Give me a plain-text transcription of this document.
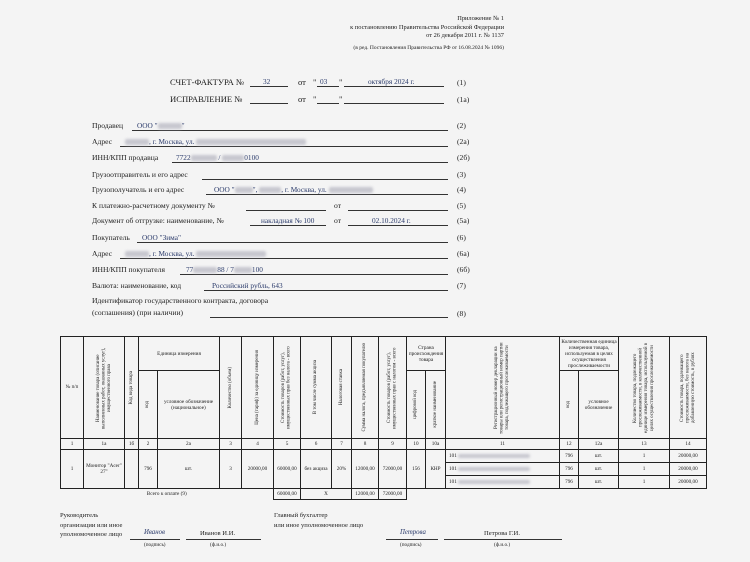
Приложение № 1
к постановлению Правительства Российской Федерации
от 26 декабря 2011 г. № 1137
(в ред. Постановления Правительства РФ от 16.08.2024 № 1096)
СЧЕТ-ФАКТУРА №	32	от " 03 "	октября 2024 г.	(1)
ИСПРАВЛЕНИЕ №	от "	"	(1а)
Продавец ООО "	"	(2)
Адрес	, г. Москва, ул.	(2а)
ИНН/КПП продавца 7722	/	0100	(2б)
Грузоотправитель и его адрес	(3)
Грузополучатель и его адрес	ООО " ",	, г. Москва, ул.	(4)
К платежно-расчетному документу №	от	(5)
Документ об отгрузке: наименование, №	накладная № 100	от	02.10.2024 г.	(5а)
Покупатель ООО "Зима"	(6)
Адрес	, г. Москва, ул.	(6а)
ИНН/КПП покупателя	77	88 / 7 100	(6б)
Валюта: наименование, код	Российский рубль, 643	(7)
Идентификатор государственного контракта, договора
(соглашения) (при наличии)	(8)
№ п/п	Наименование товара (описание выполненных работ, оказанных услуг), имущественного права	Код вида товара	Единица измерения		Количество (объем)	Цена (тариф) за единицу измерения	Стоимость товаров (работ, услуг), имущественных прав без налога - всего	В том числе сумма акциза	Налоговая ставка	Сумма налога, предъявляемая покупателю	Стоимость товаров (работ, услуг), имущественных прав с налогом - всего	Страна происхождения товара		Регистрационный номер декларации на товары или регистрационный номер партии товара, подлежащего прослеживаемости	Количественная единица измерения товара, используемая в целях осуществления прослеживаемости		Количество товара, подлежащего прослеживаемости, в количественной единице измерения товара, используемой в целях осуществления прослеживаемости	Стоимость товара, подлежащего прослеживаемости, без налога на добавленную стоимость, в рублях

			код	условное обозначение (национальное)								цифровой код	краткое наименование		код	условное обозначение		
1	1а	1б	2	2а	3	4	5	6	7	8	9	10	10а	11	12	12а	13	14
1	Монитор "Acer" 27"		796	шт.	3	20000,00	60000,00	без акциза	20%	12000,00	72000,00	156	КНР	101	796	шт.	1	20000,00
														101	796	шт.	1	20000,00
														101	796	шт.	1	20000,00
Всего к оплате (9)							60000,00	X		12000,00	72000,00							
Руководитель
организации или иное
уполномоченное лицо	Иванов	Иванов И.И.
(подпись)	(ф.и.о.)
Главный бухгалтер
или иное уполномоченное лицо
Петрова	Петрова Г.И.
(подпись)	(ф.и.о.)
